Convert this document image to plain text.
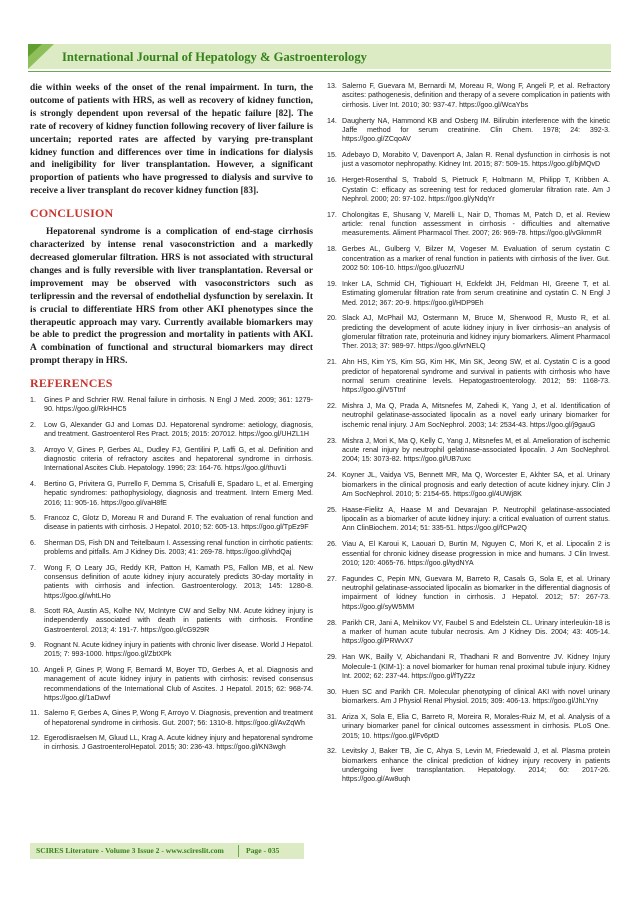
International Journal of Hepatology & Gastroenterology

die within weeks of the onset of the renal impairment. In turn, the outcome of patients with HRS, as well as recovery of kidney function, is strongly dependent upon reversal of the hepatic failure [82]. The rate of recovery of kidney function following recovery of liver failure is uncertain; reported rates are affected by varying pre-transplant kidney function and differences over time in indications for dialysis and ineligibility for liver transplantation. However, a significant proportion of patients who have progressed to dialysis and survive to receive a liver transplant do recover kidney function [83].

CONCLUSION

Hepatorenal syndrome is a complication of end-stage cirrhosis characterized by intense renal vasoconstriction and a markedly decreased glomerular filtration. HRS is not associated with structural changes and is fully reversible with liver transplantation. Reversal or improvement may be observed with vasoconstrictors such as terlipressin and the reversal of endothelial dysfunction by serelaxin. It is crucial to differentiate HRS from other AKI phenotypes since the therapeutic approach may vary. Currently available biomarkers may be able to predict the progression and mortality in patients with AKI. A combination of functional and structural biomarkers may direct prompt therapy in HRS.

REFERENCES
1. Gines P and Schrier RW. Renal failure in cirrhosis. N Engl J Med. 2009; 361: 1279-90. https://goo.gl/RkHHC5
2. Low G, Alexander GJ and Lomas DJ. Hepatorenal syndrome: aetiology, diagnosis, and treatment. Gastroenterol Res Pract. 2015; 2015: 207012. https://goo.gl/UHZL1H
3. Arroyo V, Gines P, Gerbes AL, Dudley FJ, Gentilini P, Laffi G, et al. Definition and diagnostic criteria of refractory ascites and hepatorenal syndrome in cirrhosis. International Ascites Club. Hepatology. 1996; 23: 164-76. https://goo.gl/thuv1i
4. Bertino G, Privitera G, Purrello F, Demma S, Crisafulli E, Spadaro L, et al. Emerging hepatic syndromes: pathophysiology, diagnosis and treatment. Intern Emerg Med. 2016; 11: 905-16. https://goo.gl/vaH8fE
5. Francoz C, Glotz D, Moreau R and Durand F. The evaluation of renal function and disease in patients with cirrhosis. J Hepatol. 2010; 52: 605-13. https://goo.gl/TpEz9F
6. Sherman DS, Fish DN and Teitelbaum I. Assessing renal function in cirrhotic patients: problems and pitfalls. Am J Kidney Dis. 2003; 41: 269-78. https://goo.gl/vhdQaj
7. Wong F, O Leary JG, Reddy KR, Patton H, Kamath PS, Fallon MB, et al. New consensus definition of acute kidney injury accurately predicts 30-day mortality in patients with cirrhosis and infection. Gastroenterology. 2013; 145: 1280-8. https://goo.gl/whtLHo
8. Scott RA, Austin AS, Kolhe NV, McIntyre CW and Selby NM. Acute kidney injury is independently associated with death in patients with cirrhosis. Frontline Gastroenterol. 2013; 4: 191-7. https://goo.gl/cG929R
9. Rognant N. Acute kidney injury in patients with chronic liver disease. World J Hepatol. 2015; 7: 993-1000. https://goo.gl/ZbtXPk
10. Angeli P, Gines P, Wong F, Bernardi M, Boyer TD, Gerbes A, et al. Diagnosis and management of acute kidney injury in patients with cirrhosis: revised consensus recommendations of the International Club of Ascites. J Hepatol. 2015; 62: 968-74. https://goo.gl/1aDwvf
11. Salerno F, Gerbes A, Gines P, Wong F, Arroyo V. Diagnosis, prevention and treatment of hepatorenal syndrome in cirrhosis. Gut. 2007; 56: 1310-8. https://goo.gl/AvZqWh
12. Egerodlisraelsen M, Gluud LL, Krag A. Acute kidney injury and hepatorenal syndrome in cirrhosis. J GastroenterolHepatol. 2015; 30: 236-43. https://goo.gl/KN3wgh
13. Salerno F, Guevara M, Bernardi M, Moreau R, Wong F, Angeli P, et al. Refractory ascites: pathogenesis, definition and therapy of a severe complication in patients with cirrhosis. Liver Int. 2010; 30: 937-47. https://goo.gl/WcaYbs
14. Daugherty NA, Hammond KB and Osberg IM. Bilirubin interference with the kinetic Jaffe method for serum creatinine. Clin Chem. 1978; 24: 392-3. https://goo.gl/ZCqoAV
15. Adebayo D, Morabito V, Davenport A, Jalan R. Renal dysfunction in cirrhosis is not just a vasomotor nephropathy. Kidney Int. 2015; 87: 509-15. https://goo.gl/bjMQvD
16. Herget-Rosenthal S, Trabold S, Pietruck F, Holtmann M, Philipp T, Kribben A. Cystatin C: efficacy as screening test for reduced glomerular filtration rate. Am J Nephrol. 2000; 20: 97-102. https://goo.gl/yNdqYr
17. Cholongitas E, Shusang V, Marelli L, Nair D, Thomas M, Patch D, et al. Review article: renal function assessment in cirrhosis - difficulties and alternative measurements. Aliment Pharmacol Ther. 2007; 26: 969-78. https://goo.gl/vGkmmR
18. Gerbes AL, Gulberg V, Bilzer M, Vogeser M. Evaluation of serum cystatin C concentration as a marker of renal function in patients with cirrhosis of the liver. Gut. 2002 50: 106-10. https://goo.gl/uozrNU
19. Inker LA, Schmid CH, Tighiouart H, Eckfeldt JH, Feldman HI, Greene T, et al. Estimating glomerular filtration rate from serum creatinine and cystatin C. N Engl J Med. 2012; 367: 20-9. https://goo.gl/HDP9Eh
20. Slack AJ, McPhail MJ, Ostermann M, Bruce M, Sherwood R, Musto R, et al. predicting the development of acute kidney injury in liver cirrhosis--an analysis of glomerular filtration rate, proteinuria and kidney injury biomarkers. Aliment Pharmacol Ther. 2013; 37: 989-97. https://goo.gl/vrNELQ
21. Ahn HS, Kim YS, Kim SG, Kim HK, Min SK, Jeong SW, et al. Cystatin C is a good predictor of hepatorenal syndrome and survival in patients with cirrhosis who have normal serum creatinine levels. Hepatogastroenterology. 2012; 59: 1168-73. https://goo.gl/V5Ttnf
22. Mishra J, Ma Q, Prada A, Mitsnefes M, Zahedi K, Yang J, et al. Identification of neutrophil gelatinase-associated lipocalin as a novel early urinary biomarker for ischemic renal injury. J Am SocNephrol. 2003; 14: 2534-43. https://goo.gl/j9gauG
23. Mishra J, Mori K, Ma Q, Kelly C, Yang J, Mitsnefes M, et al. Amelioration of ischemic acute renal injury by neutrophil gelatinase-associated lipocalin. J Am SocNephrol. 2004; 15: 3073-82. https://goo.gl/UB7uxc
24. Koyner JL, Vaidya VS, Bennett MR, Ma Q, Worcester E, Akhter SA, et al. Urinary biomarkers in the clinical prognosis and early detection of acute kidney injury. Clin J Am SocNephrol. 2010; 5: 2154-65. https://goo.gl/4UWj8K
25. Haase-Fielitz A, Haase M and Devarajan P. Neutrophil gelatinase-associated lipocalin as a biomarker of acute kidney injury: a critical evaluation of current status. Ann ClinBiochem. 2014; 51: 335-51. https://goo.gl/fCPw2Q
26. Viau A, El Karoui K, Laouari D, Burtin M, Nguyen C, Mori K, et al. Lipocalin 2 is essential for chronic kidney disease progression in mice and humans. J Clin Invest. 2010; 120: 4065-76. https://goo.gl/tydNYA
27. Fagundes C, Pepin MN, Guevara M, Barreto R, Casals G, Sola E, et al. Urinary neutrophil gelatinase-associated lipocalin as biomarker in the differential diagnosis of impairment of kidney function in cirrhosis. J Hepatol. 2012; 57: 267-73. https://goo.gl/syW5MM
28. Parikh CR, Jani A, Melnikov VY, Faubel S and Edelstein CL. Urinary interleukin-18 is a marker of human acute tubular necrosis. Am J Kidney Dis. 2004; 43: 405-14. https://goo.gl/PRWvX7
29. Han WK, Bailly V, Abichandani R, Thadhani R and Bonventre JV. Kidney Injury Molecule-1 (KIM-1): a novel biomarker for human renal proximal tubule injury. Kidney Int. 2002; 62: 237-44. https://goo.gl/fTyZ2z
30. Huen SC and Parikh CR. Molecular phenotyping of clinical AKI with novel urinary biomarkers. Am J Physiol Renal Physiol. 2015; 309: 406-13. https://goo.gl/JhLYny
31. Ariza X, Sola E, Elia C, Barreto R, Moreira R, Morales-Ruiz M, et al. Analysis of a urinary biomarker panel for clinical outcomes assessment in cirrhosis. PLoS One. 2015; 10. https://goo.gl/Fv6ptD
32. Levitsky J, Baker TB, Jie C, Ahya S, Levin M, Friedewald J, et al. Plasma protein biomarkers enhance the clinical prediction of kidney injury recovery in patients undergoing liver transplantation. Hepatology. 2014; 60: 2017-26. https://goo.gl/Aw8uqh
SCIRES Literature - Volume 3 Issue 2 - www.scireslit.com	Page - 035
